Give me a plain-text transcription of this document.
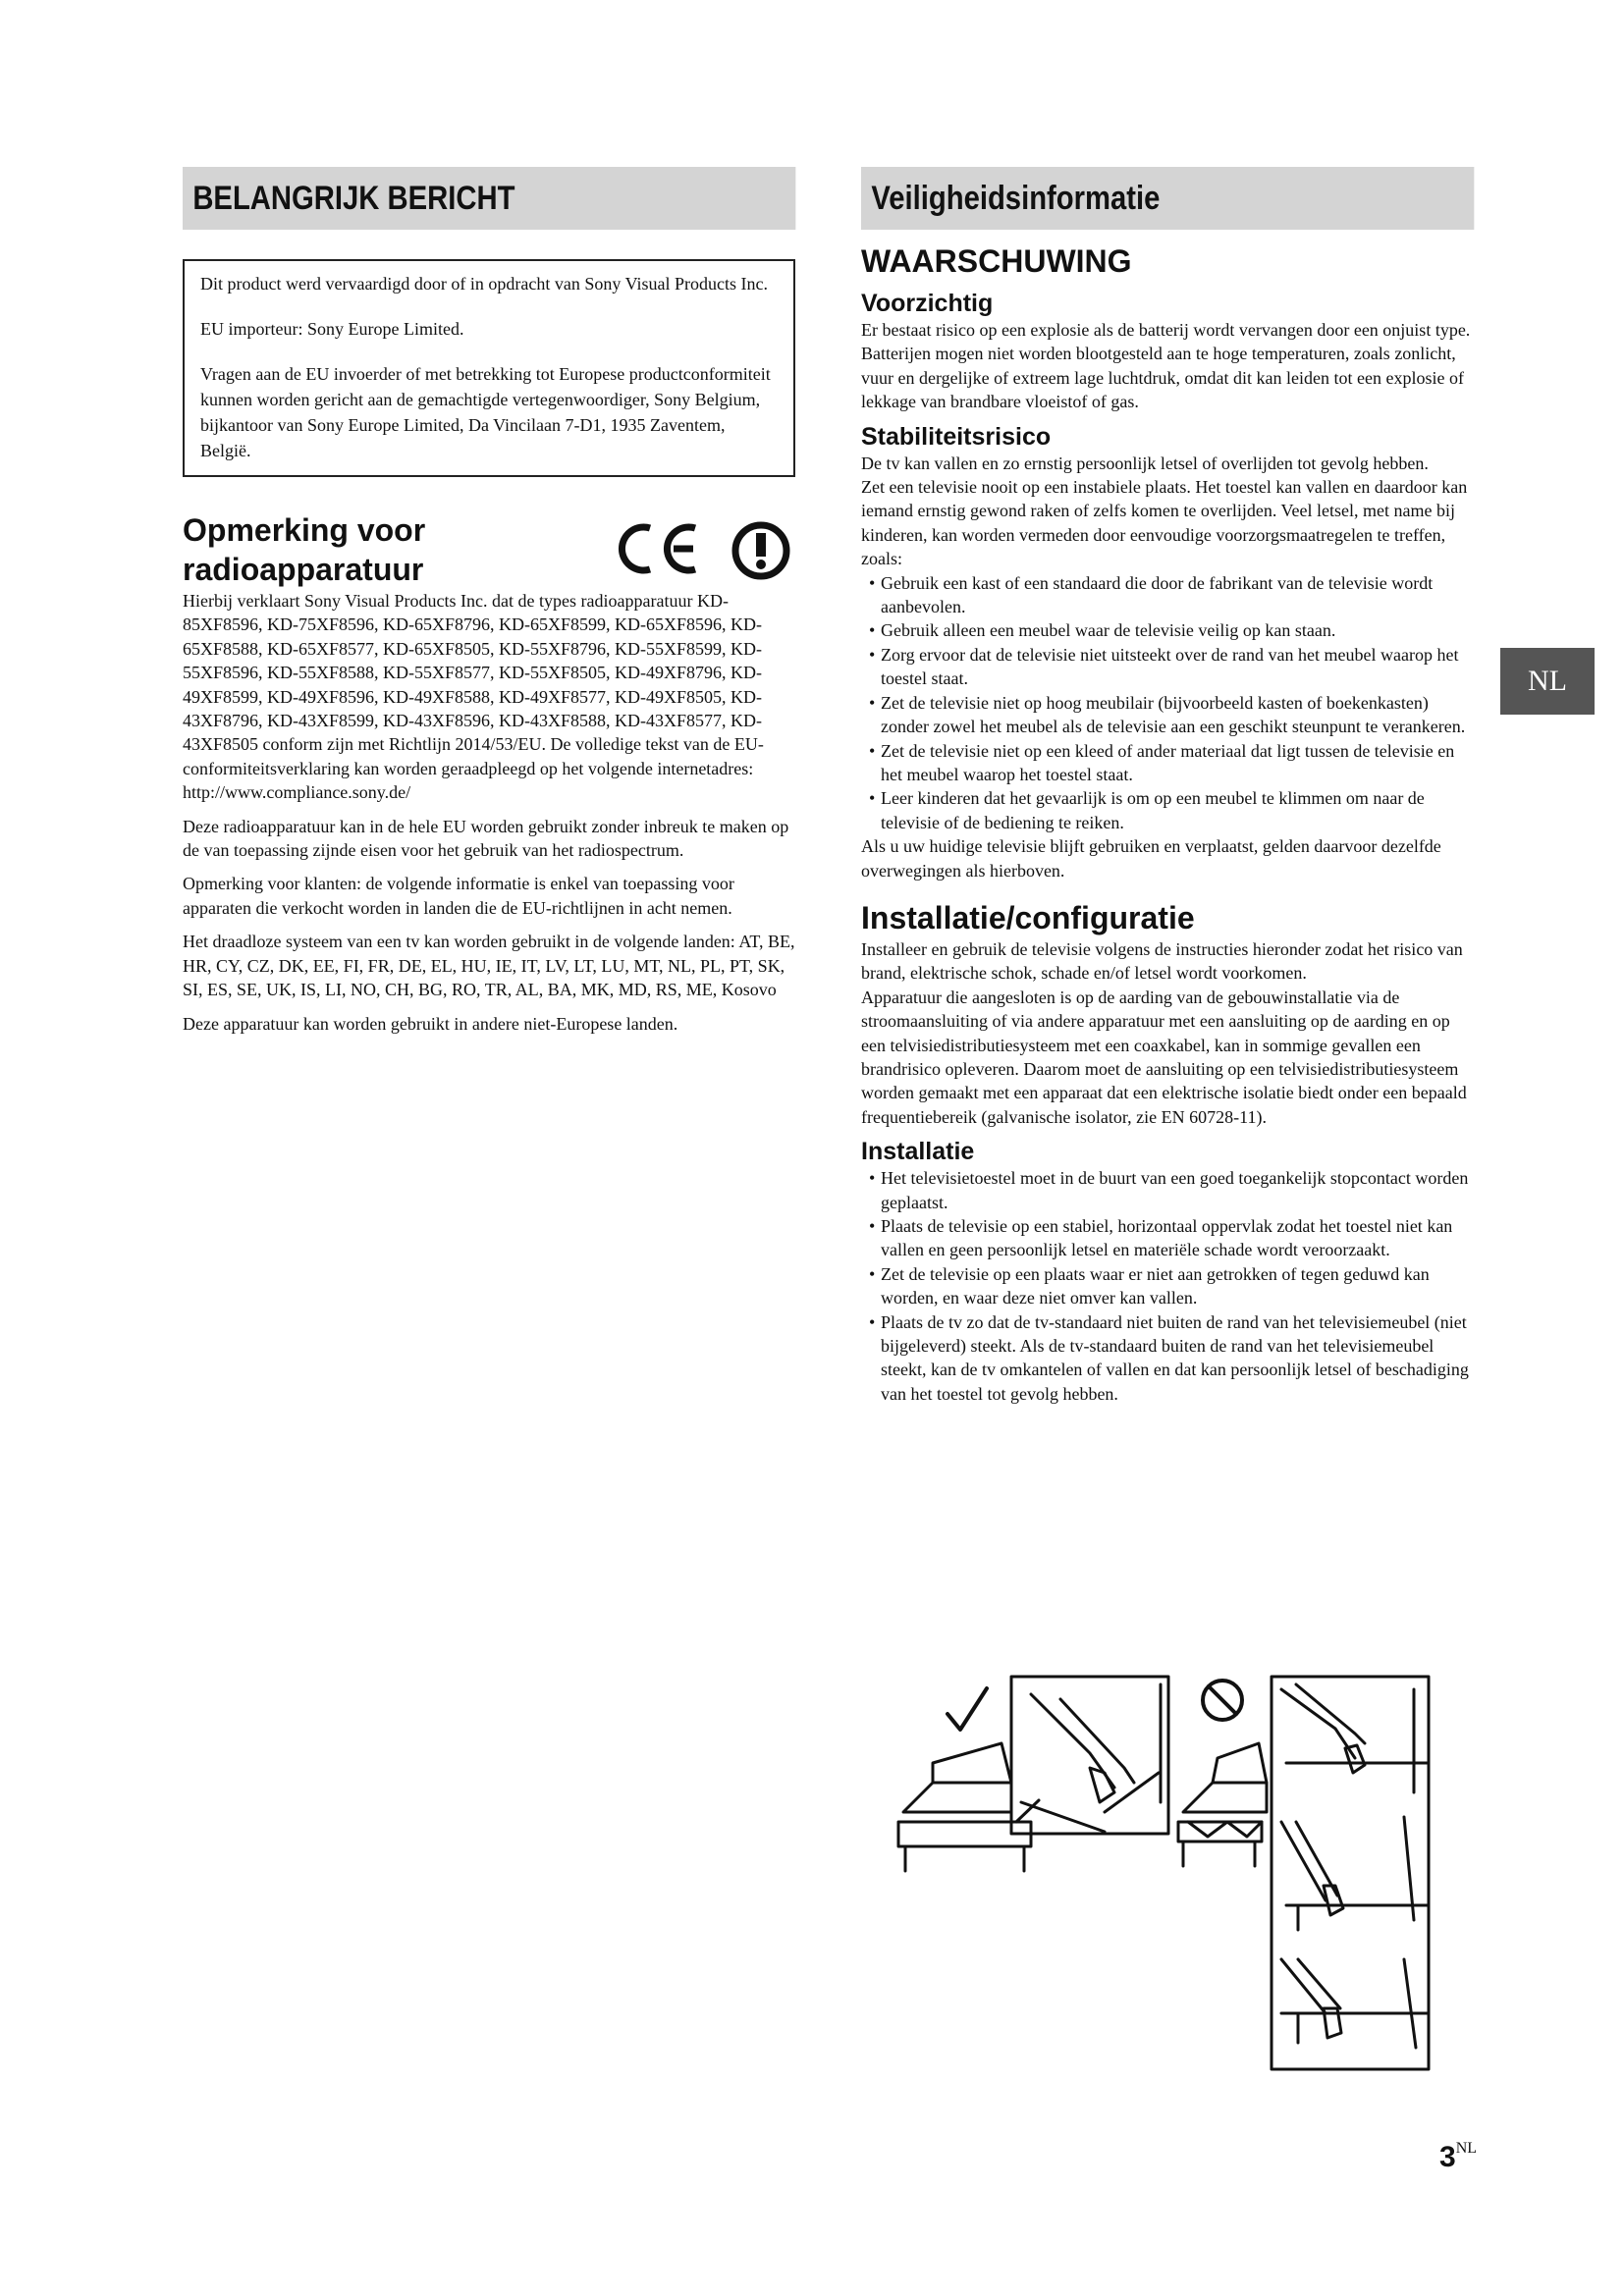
BELANGRIJK BERICHT

Dit product werd vervaardigd door of in opdracht van Sony Visual Products Inc.

EU importeur: Sony Europe Limited.

Vragen aan de EU invoerder of met betrekking tot Europese productconformiteit kunnen worden gericht aan de gemachtigde vertegenwoordiger, Sony Belgium, bijkantoor van Sony Europe Limited, Da Vincilaan 7-D1, 1935 Zaventem, België.

Opmerking voor
radioapparatuur
CE

Hierbij verklaart Sony Visual Products Inc. dat de types radioapparatuur KD-85XF8596, KD-75XF8596, KD-65XF8796, KD-65XF8599, KD-65XF8596, KD-65XF8588, KD-65XF8577, KD-65XF8505, KD-55XF8796, KD-55XF8599, KD-55XF8596, KD-55XF8588, KD-55XF8577, KD-55XF8505, KD-49XF8796, KD-49XF8599, KD-49XF8596, KD-49XF8588, KD-49XF8577, KD-49XF8505, KD-43XF8796, KD-43XF8599, KD-43XF8596, KD-43XF8588, KD-43XF8577, KD-43XF8505 conform zijn met Richtlijn 2014/53/EU. De volledige tekst van de EU-conformiteitsverklaring kan worden geraadpleegd op het volgende internetadres: http://www.compliance.sony.de/

Deze radioapparatuur kan in de hele EU worden gebruikt zonder inbreuk te maken op de van toepassing zijnde eisen voor het gebruik van het radiospectrum.

Opmerking voor klanten: de volgende informatie is enkel van toepassing voor apparaten die verkocht worden in landen die de EU-richtlijnen in acht nemen.

Het draadloze systeem van een tv kan worden gebruikt in de volgende landen: AT, BE, HR, CY, CZ, DK, EE, FI, FR, DE, EL, HU, IE, IT, LV, LT, LU, MT, NL, PL, PT, SK, SI, ES, SE, UK, IS, LI, NO, CH, BG, RO, TR, AL, BA, MK, MD, RS, ME, Kosovo

Deze apparatuur kan worden gebruikt in andere niet-Europese landen.

Veiligheidsinformatie
WAARSCHUWING
Voorzichtig

Er bestaat risico op een explosie als de batterij wordt vervangen door een onjuist type.

Batterijen mogen niet worden blootgesteld aan te hoge temperaturen, zoals zonlicht, vuur en dergelijke of extreem lage luchtdruk, omdat dit kan leiden tot een explosie of lekkage van brandbare vloeistof of gas.

Stabiliteitsrisico

De tv kan vallen en zo ernstig persoonlijk letsel of overlijden tot gevolg hebben.

Zet een televisie nooit op een instabiele plaats. Het toestel kan vallen en daardoor kan iemand ernstig gewond raken of zelfs komen te overlijden. Veel letsel, met name bij kinderen, kan worden vermeden door eenvoudige voorzorgsmaatregelen te treffen, zoals:

• Gebruik een kast of een standaard die door de fabrikant van de televisie wordt aanbevolen.
• Gebruik alleen een meubel waar de televisie veilig op kan staan.
• Zorg ervoor dat de televisie niet uitsteekt over de rand van het meubel waarop het toestel staat.
• Zet de televisie niet op hoog meubilair (bijvoorbeeld kasten of boekenkasten) zonder zowel het meubel als de televisie aan een geschikt steunpunt te verankeren.
• Zet de televisie niet op een kleed of ander materiaal dat ligt tussen de televisie en het meubel waarop het toestel staat.
• Leer kinderen dat het gevaarlijk is om op een meubel te klimmen om naar de televisie of de bediening te reiken.

Als u uw huidige televisie blijft gebruiken en verplaatst, gelden daarvoor dezelfde overwegingen als hierboven.

Installatie/configuratie

Installeer en gebruik de televisie volgens de instructies hieronder zodat het risico van brand, elektrische schok, schade en/of letsel wordt voorkomen.

Apparatuur die aangesloten is op de aarding van de gebouwinstallatie via de stroomaansluiting of via andere apparatuur met een aansluiting op de aarding en op een telvisiedistributiesysteem met een coaxkabel, kan in sommige gevallen een brandrisico opleveren. Daarom moet de aansluiting op een telvisiedistributiesysteem worden gemaakt met een apparaat dat een elektrische isolatie biedt onder een bepaald frequentiebereik (galvanische isolator, zie EN 60728-11).

Installatie
• Het televisietoestel moet in de buurt van een goed toegankelijk stopcontact worden geplaatst.
• Plaats de televisie op een stabiel, horizontaal oppervlak zodat het toestel niet kan vallen en geen persoonlijk letsel en materiële schade wordt veroorzaakt.
• Zet de televisie op een plaats waar er niet aan getrokken of tegen geduwd kan worden, en waar deze niet omver kan vallen.
• Plaats de tv zo dat de tv-standaard niet buiten de rand van het televisiemeubel (niet bijgeleverd) steekt. Als de tv-standaard buiten de rand van het televisiemeubel steekt, kan de tv omkantelen of vallen en dat kan persoonlijk letsel of beschadiging van het toestel tot gevolg hebben.
NL
$3^{NL}$
